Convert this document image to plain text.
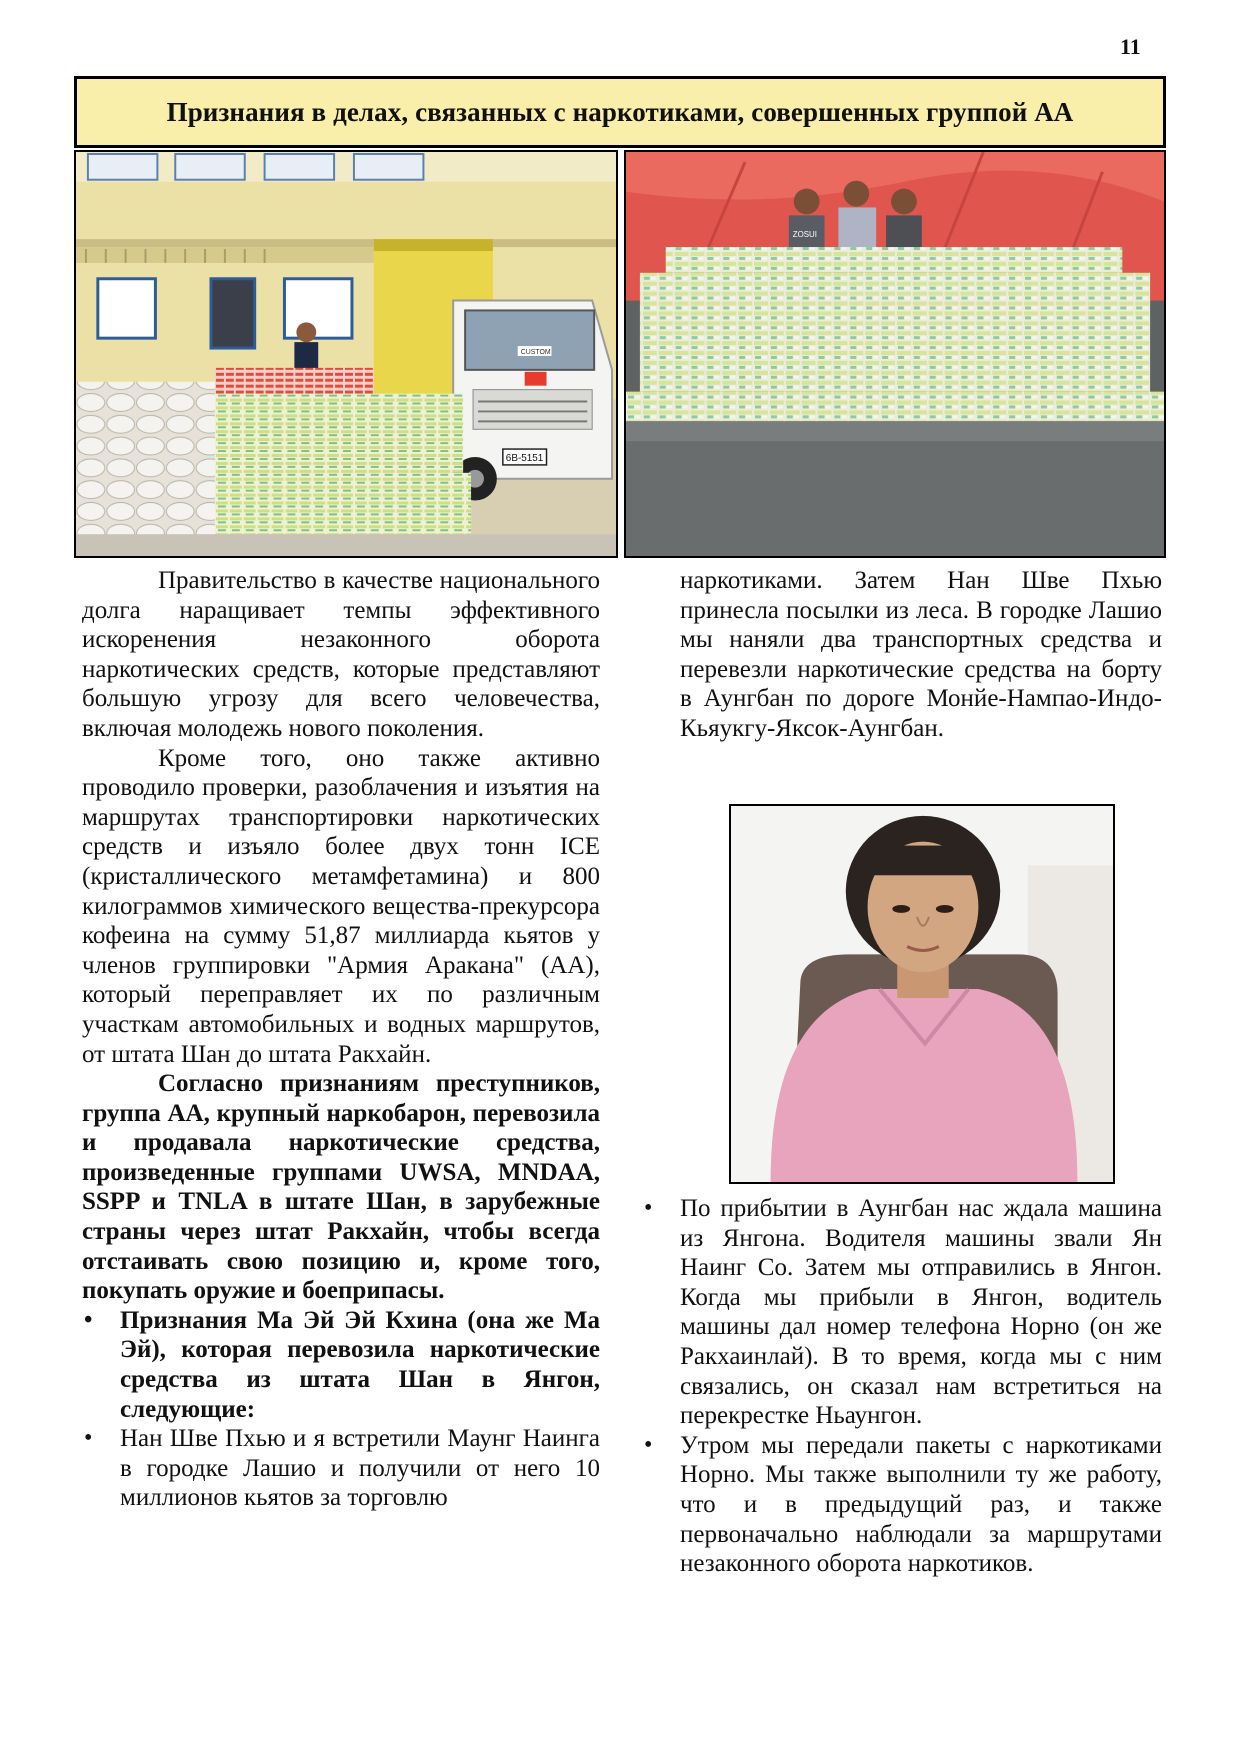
11
Признания в делах, связанных с наркотиками, совершенных группой АА
CUSTOM
6B-5151
ZOSUI

Правительство в качестве национального долга наращивает темпы эффективного искоренения незаконного оборота наркотических средств, которые представляют большую угрозу для всего человечества, включая молодежь нового поколения.

Кроме того, оно также активно проводило проверки, разоблачения и изъятия на маршрутах транспортировки наркотических средств и изъяло более двух тонн ICE (кристаллического метамфетамина) и 800 килограммов химического вещества-прекурсора кофеина на сумму 51,87 миллиарда кьятов у членов группировки "Армия Аракана" (АА), который переправляет их по различным участкам автомобильных и водных маршрутов, от штата Шан до штата Ракхайн.

Согласно признаниям преступников, группа АА, крупный наркобарон, перевозила и продавала наркотические средства, произведенные группами UWSA, MNDAA, SSPP и TNLA в штате Шан, в зарубежные страны через штат Ракхайн, чтобы всегда отстаивать свою позицию и, кроме того, покупать оружие и боеприпасы.

• Признания Ма Эй Эй Кхина (она же Ма Эй), которая перевозила наркотические средства из штата Шан в Янгон, следующие:
• Нан Шве Пхью и я встретили Маунг Наинга в городке Лашио и получили от него 10 миллионов кьятов за торговлю

наркотиками. Затем Нан Шве Пхью принесла посылки из леса. В городке Лашио мы наняли два транспортных средства и перевезли наркотические средства на борту в Аунгбан по дороге Монйе-Нампао-Индо-Кьяукгу-Яксок-Аунгбан.

• По прибытии в Аунгбан нас ждала машина из Янгона. Водителя машины звали Ян Наинг Со. Затем мы отправились в Янгон. Когда мы прибыли в Янгон, водитель машины дал номер телефона Норно (он же Ракхаинлай). В то время, когда мы с ним связались, он сказал нам встретиться на перекрестке Ньаунгон.
• Утром мы передали пакеты с наркотиками Норно. Мы также выполнили ту же работу, что и в предыдущий раз, и также первоначально наблюдали за маршрутами незаконного оборота наркотиков.
